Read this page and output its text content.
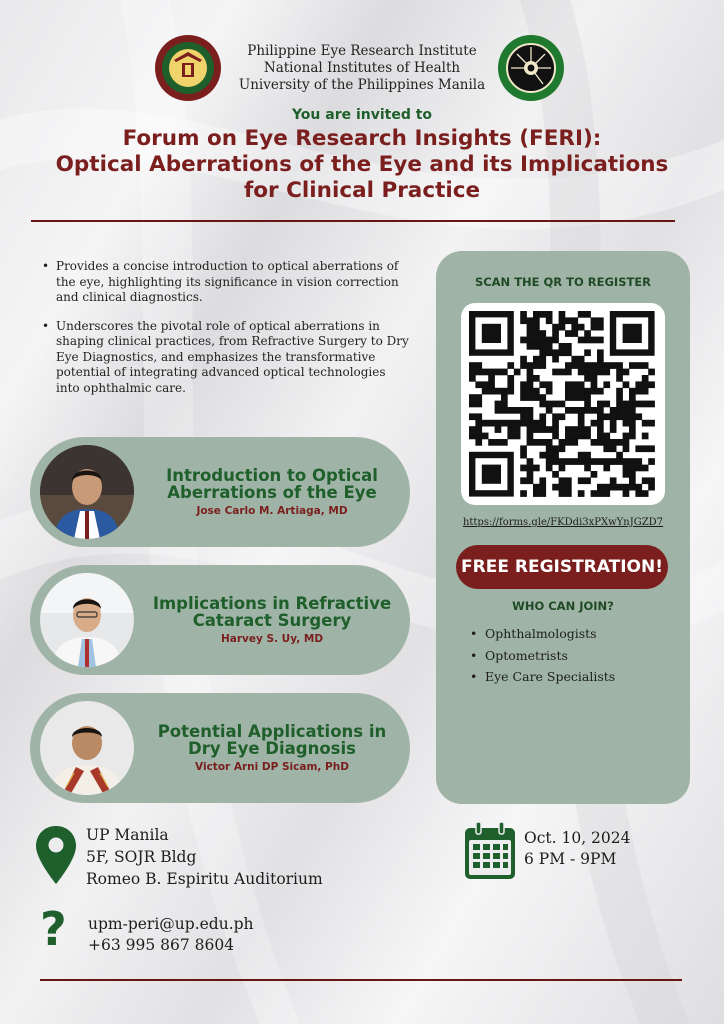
Philippine Eye Research Institute
National Institutes of Health
University of the Philippines Manila
You are invited to
Forum on Eye Research Insights (FERI):
Optical Aberrations of the Eye and its Implications
for Clinical Practice
• Provides a concise introduction to optical aberrations of the eye, highlighting its significance in vision correction and clinical diagnostics.
• Underscores the pivotal role of optical aberrations in shaping clinical practices, from Refractive Surgery to Dry Eye Diagnostics, and emphasizes the transformative potential of integrating advanced optical technologies into ophthalmic care.
Introduction to Optical
Aberrations of the Eye
Jose Carlo M. Artiaga, MD
Implications in Refractive
Cataract Surgery
Harvey S. Uy, MD
Potential Applications in
Dry Eye Diagnosis
Victor Arni DP Sicam, PhD
SCAN THE QR TO REGISTER
https://forms.gle/FKDdi3xPXwYnJGZD7
FREE REGISTRATION!
WHO CAN JOIN?
• Ophthalmologists
• Optometrists
• Eye Care Specialists
UP Manila
5F, SOJR Bldg
Romeo B. Espiritu Auditorium
Oct. 10, 2024
6 PM - 9PM
? upm-peri@up.edu.ph
+63 995 867 8604
